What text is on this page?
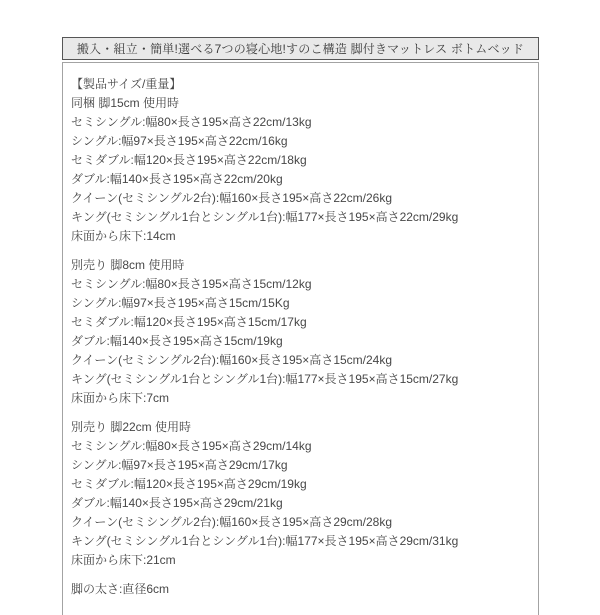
搬入・組立・簡単!選べる7つの寝心地!すのこ構造 脚付きマットレス ボトムベッド
【製品サイズ/重量】
同梱 脚15cm 使用時
セミシングル:幅80×長さ195×高さ22cm/13kg
シングル:幅97×長さ195×高さ22cm/16kg
セミダブル:幅120×長さ195×高さ22cm/18kg
ダブル:幅140×長さ195×高さ22cm/20kg
クイーン(セミシングル2台):幅160×長さ195×高さ22cm/26kg
キング(セミシングル1台とシングル1台):幅177×長さ195×高さ22cm/29kg
床面から床下:14cm
別売り 脚8cm 使用時
セミシングル:幅80×長さ195×高さ15cm/12kg
シングル:幅97×長さ195×高さ15cm/15Kg
セミダブル:幅120×長さ195×高さ15cm/17kg
ダブル:幅140×長さ195×高さ15cm/19kg
クイーン(セミシングル2台):幅160×長さ195×高さ15cm/24kg
キング(セミシングル1台とシングル1台):幅177×長さ195×高さ15cm/27kg
床面から床下:7cm
別売り 脚22cm 使用時
セミシングル:幅80×長さ195×高さ29cm/14kg
シングル:幅97×長さ195×高さ29cm/17kg
セミダブル:幅120×長さ195×高さ29cm/19kg
ダブル:幅140×長さ195×高さ29cm/21kg
クイーン(セミシングル2台):幅160×長さ195×高さ29cm/28kg
キング(セミシングル1台とシングル1台):幅177×長さ195×高さ29cm/31kg
床面から床下:21cm
脚の太さ:直径6cm
